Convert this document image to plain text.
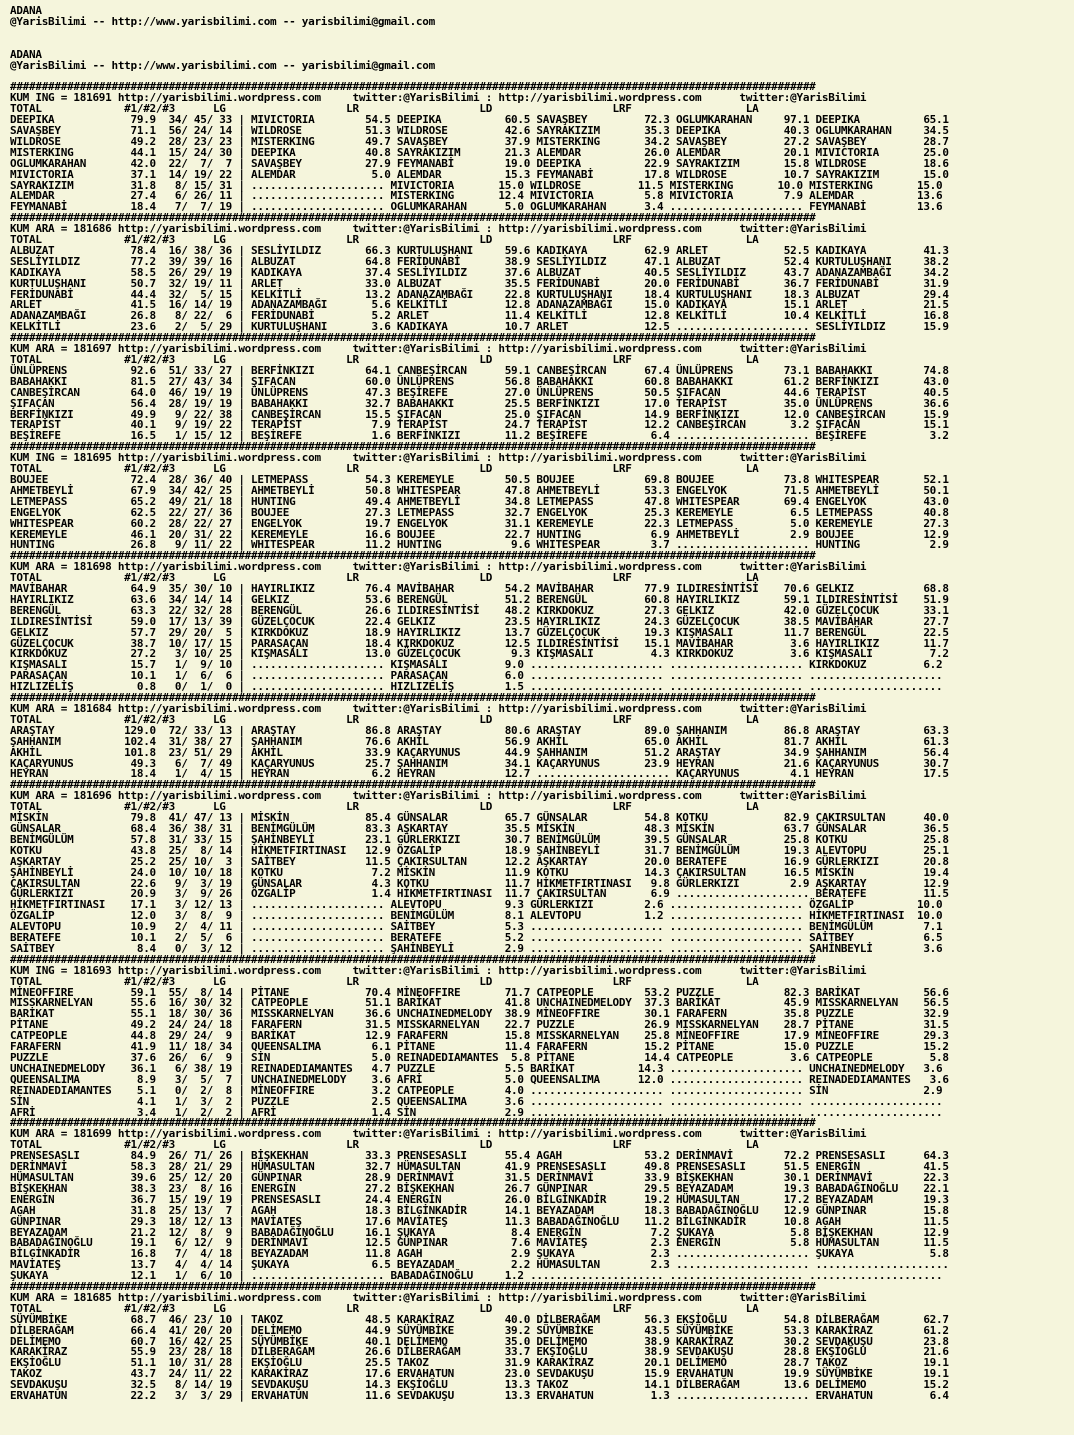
ADANA
@YarisBilimi -- http://www.yarisbilimi.com -- yarisbilimi@gmail.com

ADANA
@YarisBilimi -- http://www.yarisbilimi.com -- yarisbilimi@gmail.com

###############################################################################################################################
KUM ING = 181691 http://yarisbilimi.wordpress.com     twitter:@YarisBilimi : http://yarisbilimi.wordpress.com      twitter:@YarisBilimi
TOTAL             #1/#2/#3      LG                   LR                   LD                   LRF                  LA
DEEPIKA            79.9  34/ 45/ 33 | MIVICTORIA        54.5 DEEPIKA          60.5 SAVAŞBEY         72.3 OGLUMKARAHAN     97.1 DEEPIKA          65.1
SAVAŞBEY           71.1  56/ 24/ 14 | WILDROSE          51.3 WILDROSE         42.6 SAYRAKIZIM       35.3 DEEPIKA          40.3 OGLUMKARAHAN     34.5
WILDROSE           49.2  28/ 23/ 23 | MISTERKING        49.7 SAVAŞBEY         37.9 MISTERKING       34.2 SAVAŞBEY         27.2 SAVAŞBEY         28.7
MISTERKING         44.1  15/ 24/ 30 | DEEPIKA           40.8 SAYRAKIZIM       21.3 ALEMDAR          26.0 ALEMDAR          20.1 MIVICTORIA       25.0
OGLUMKARAHAN       42.0  22/  7/  7 | SAVAŞBEY          27.9 FEYMANABİ        19.0 DEEPIKA          22.9 SAYRAKIZIM       15.8 WILDROSE         18.6
MIVICTORIA         37.1  14/ 19/ 22 | ALEMDAR            5.0 ALEMDAR          15.3 FEYMANABİ        17.8 WILDROSE         10.7 SAYRAKIZIM       15.0
SAYRAKIZIM         31.8   8/ 15/ 31 | ..................... MIVICTORIA       15.0 WILDROSE         11.5 MISTERKING       10.0 MISTERKING       15.0
ALEMDAR            27.4   6/ 26/ 11 | ..................... MISTERKING       12.4 MIVICTORIA        5.8 MIVICTORIA        7.9 ALEMDAR          13.6
FEYMANABİ          18.4   7/  7/ 19 | ..................... OGLUMKARAHAN      5.0 OGLUMKARAHAN      3.4 ..................... FEYMANABİ        13.6
###############################################################################################################################
KUM ARA = 181686 http://yarisbilimi.wordpress.com     twitter:@YarisBilimi : http://yarisbilimi.wordpress.com      twitter:@YarisBilimi
TOTAL             #1/#2/#3      LG                   LR                   LD                   LRF                  LA
ALBUZAT            78.4  16/ 38/ 36 | SESLİYILDIZ       66.3 KURTULUŞHANI     59.6 KADIKAYA         62.9 ARLET            52.5 KADIKAYA         41.3
SESLİYILDIZ        77.2  39/ 39/ 16 | ALBUZAT           64.8 FERİDUNABİ       38.9 SESLİYILDIZ      47.1 ALBUZAT          52.4 KURTULUŞHANI     38.2
KADIKAYA           58.5  26/ 29/ 19 | KADIKAYA          37.4 SESLİYILDIZ      37.6 ALBUZAT          40.5 SESLİYILDIZ      43.7 ADANAZAMBAĞI     34.2
KURTULUŞHANI       50.7  32/ 19/ 11 | ARLET             33.0 ALBUZAT          35.5 FERİDUNABİ       20.0 FERİDUNABİ       36.7 FERİDUNABİ       31.9
FERİDUNABİ         44.4  32/  5/ 15 | KELKİTLİ          13.2 ADANAZAMBAĞI     22.8 KURTULUŞHANI     18.4 KURTULUŞHANI     18.3 ALBUZAT          29.4
ARLET              41.5  16/ 14/ 19 | ADANAZAMBAĞI       5.6 KELKİTLİ         12.8 ADANAZAMBAĞI     15.0 KADIKAYA         15.1 ARLET            21.5
ADANAZAMBAĞI       26.8   8/ 22/  6 | FERİDUNABİ         5.2 ARLET            11.4 KELKİTLİ         12.8 KELKİTLİ         10.4 KELKİTLİ         16.8
KELKİTLİ           23.6   2/  5/ 29 | KURTULUŞHANI       3.6 KADIKAYA         10.7 ARLET            12.5 ..................... SESLİYILDIZ      15.9
###############################################################################################################################
KUM ARA = 181697 http://yarisbilimi.wordpress.com     twitter:@YarisBilimi : http://yarisbilimi.wordpress.com      twitter:@YarisBilimi
TOTAL             #1/#2/#3      LG                   LR                   LD                   LRF                  LA
ÜNLÜPRENS          92.6  51/ 33/ 27 | BERFİNKIZI        64.1 CANBEŞİRCAN      59.1 CANBEŞİRCAN      67.4 ÜNLÜPRENS        73.1 BABAHAKKI        74.8
BABAHAKKI          81.5  27/ 43/ 34 | ŞIFACAN           60.0 ÜNLÜPRENS        56.8 BABAHAKKI        60.8 BABAHAKKI        61.2 BERFİNKIZI       43.0
CANBEŞİRCAN        64.0  46/ 19/ 19 | ÜNLÜPRENS         47.3 BEŞİREFE         27.0 ÜNLÜPRENS        50.5 ŞIFACAN          44.6 TERAPİST         40.5
ŞIFACAN            56.4  28/ 19/ 19 | BABAHAKKI         32.7 BABAHAKKI        25.5 BERFİNKIZI       17.0 TERAPİST         35.0 ÜNLÜPRENS        36.6
BERFİNKIZI         49.9   9/ 22/ 38 | CANBEŞİRCAN       15.5 ŞIFACAN          25.0 ŞIFACAN          14.9 BERFİNKIZI       12.0 CANBEŞİRCAN      15.9
TERAPİST           40.1   9/ 19/ 22 | TERAPİST           7.9 TERAPİST         24.7 TERAPİST         12.2 CANBEŞİRCAN       3.2 ŞIFACAN          15.1
BEŞİREFE           16.5   1/ 15/ 12 | BEŞİREFE           1.6 BERFİNKIZI       11.2 BEŞİREFE          6.4 ..................... BEŞİREFE          3.2
###############################################################################################################################
KUM ING = 181695 http://yarisbilimi.wordpress.com     twitter:@YarisBilimi : http://yarisbilimi.wordpress.com      twitter:@YarisBilimi
TOTAL             #1/#2/#3      LG                   LR                   LD                   LRF                  LA
BOUJEE             72.4  28/ 36/ 40 | LETMEPASS         54.3 KEREMEYLE        50.5 BOUJEE           69.8 BOUJEE           73.8 WHITESPEAR       52.1
AHMETBEYLİ         67.9  34/ 42/ 25 | AHMETBEYLİ        50.8 WHITESPEAR       47.8 AHMETBEYLİ       53.3 ENGELYOK         71.5 AHMETBEYLİ       50.1
LETMEPASS          65.2  49/ 21/ 18 | HUNTING           49.4 AHMETBEYLİ       34.8 LETMEPASS        47.8 WHITESPEAR       69.4 ENGELYOK         43.0
ENGELYOK           62.5  22/ 27/ 36 | BOUJEE            27.3 LETMEPASS        32.7 ENGELYOK         25.3 KEREMEYLE         6.5 LETMEPASS        40.8
WHITESPEAR         60.2  28/ 22/ 27 | ENGELYOK          19.7 ENGELYOK         31.1 KEREMEYLE        22.3 LETMEPASS         5.0 KEREMEYLE        27.3
KEREMEYLE          46.1  20/ 31/ 22 | KEREMEYLE         16.6 BOUJEE           22.7 HUNTING           6.9 AHMETBEYLİ        2.9 BOUJEE           12.9
HUNTING            26.8   9/ 11/ 22 | WHITESPEAR        11.2 HUNTING           9.6 WHITESPEAR        3.7 ..................... HUNTING           2.9
###############################################################################################################################
KUM ARA = 181698 http://yarisbilimi.wordpress.com     twitter:@YarisBilimi : http://yarisbilimi.wordpress.com      twitter:@YarisBilimi
TOTAL             #1/#2/#3      LG                   LR                   LD                   LRF                  LA
MAVİBAHAR          64.9  35/ 30/ 10 | HAYIRLIKIZ        76.4 MAVİBAHAR        54.2 MAVİBAHAR        77.9 ILDIRESİNTİSİ    70.6 GELKIZ           68.8
HAYIRLIKIZ         63.6  34/ 14/ 14 | GELKIZ            53.6 BERENGÜL         51.2 BERENGÜL         60.8 HAYIRLIKIZ       59.1 ILDIRESİNTİSİ    51.9
BERENGÜL           63.3  22/ 32/ 28 | BERENGÜL          26.6 ILDIRESİNTİSİ    48.2 KIRKDOKUZ        27.3 GELKIZ           42.0 GÜZELÇOCUK       33.1
ILDIRESİNTİSİ      59.0  17/ 13/ 39 | GÜZELÇOCUK        22.4 GELKIZ           23.5 HAYIRLIKIZ       24.3 GÜZELÇOCUK       38.5 MAVİBAHAR        27.7
GELKIZ             57.7  29/ 20/  5 | KIRKDOKUZ         18.9 HAYIRLIKIZ       13.7 GÜZELÇOCUK       19.3 KIŞMASALI        11.7 BERENGÜL         22.5
GÜZELÇOCUK         38.7  10/ 17/ 15 | PARASAÇAN         18.4 KIRKDOKUZ        12.5 ILDIRESİNTİSİ    15.1 MAVİBAHAR         3.6 HAYIRLIKIZ       11.7
KIRKDOKUZ          27.2   3/ 10/ 25 | KIŞMASALI         13.0 GÜZELÇOCUK        9.3 KIŞMASALI         4.3 KIRKDOKUZ         3.6 KIŞMASALI         7.2
KIŞMASALI          15.7   1/  9/ 10 | ..................... KIŞMASALI         9.0 ..................... ..................... KIRKDOKUZ         6.2
PARASAÇAN          10.1   1/  6/  6 | ..................... PARASAÇAN         6.0 ..................... ..................... .....................
HIZLIZELİŞ          0.8   0/  1/  0 | ..................... HIZLIZELİŞ        1.5 ..................... ..................... .....................
###############################################################################################################################
KUM ARA = 181684 http://yarisbilimi.wordpress.com     twitter:@YarisBilimi : http://yarisbilimi.wordpress.com      twitter:@YarisBilimi
TOTAL             #1/#2/#3      LG                   LR                   LD                   LRF                  LA
ARAŞTAY           129.0  72/ 33/ 13 | ARAŞTAY           86.8 ARAŞTAY          80.6 ARAŞTAY          89.0 ŞAHHANIM         86.8 ARAŞTAY          63.3
ŞAHHANIM          102.4  31/ 38/ 27 | ŞAHHANIM          76.6 AKHİL            56.9 AKHİL            65.0 AKHİL            81.7 AKHİL            61.3
AKHİL             101.8  23/ 51/ 29 | AKHİL             33.9 KAÇARYUNUS       44.9 ŞAHHANIM         51.2 ARAŞTAY          34.9 ŞAHHANIM         56.4
KAÇARYUNUS         49.3   6/  7/ 49 | KAÇARYUNUS        25.7 ŞAHHANIM         34.1 KAÇARYUNUS       23.9 HEYRAN           21.6 KAÇARYUNUS       30.7
HEYRAN             18.4   1/  4/ 15 | HEYRAN             6.2 HEYRAN           12.7 ..................... KAÇARYUNUS        4.1 HEYRAN           17.5
###############################################################################################################################
KUM ARA = 181696 http://yarisbilimi.wordpress.com     twitter:@YarisBilimi : http://yarisbilimi.wordpress.com      twitter:@YarisBilimi
TOTAL             #1/#2/#3      LG                   LR                   LD                   LRF                  LA
MİSKİN             79.8  41/ 47/ 13 | MİSKİN            85.4 GÜNSALAR         65.7 GÜNSALAR         54.8 KOTKU            82.9 ÇAKIRSULTAN      40.0
GÜNSALAR           68.4  36/ 38/ 31 | BENİMGÜLÜM        83.3 AŞKARTAY         35.5 MİSKİN           48.3 MİSKİN           63.7 GÜNSALAR         36.5
BENİMGÜLÜM         57.8  31/ 33/ 15 | ŞAHİNBEYLİ        23.1 GÜRLERKIZI       30.7 BENİMGÜLÜM       39.5 GÜNSALAR         25.8 KOTKU            25.8
KOTKU              43.8  25/  8/ 14 | HİKMETFIRTINASI   12.9 ÖZGALİP          18.9 ŞAHİNBEYLİ       31.7 BENİMGÜLÜM       19.3 ALEVTOPU         25.1
AŞKARTAY           25.2  25/ 10/  3 | SAİTBEY           11.5 ÇAKIRSULTAN      12.2 AŞKARTAY         20.0 BERATEFE         16.9 GÜRLERKIZI       20.8
ŞAHİNBEYLİ         24.0  10/ 10/ 18 | KOTKU              7.2 MİSKİN           11.9 KOTKU            14.3 ÇAKIRSULTAN      16.5 MİSKİN           19.4
ÇAKIRSULTAN        22.6   9/  3/ 19 | GÜNSALAR           4.3 KOTKU            11.7 HİKMETFIRTINASI   9.8 GÜRLERKIZI        2.9 AŞKARTAY         12.9
GÜRLERKIZI         20.9   3/  9/ 26 | ÖZGALİP            1.4 HİKMETFIRTINASI  11.7 ÇAKIRSULTAN       6.9 ..................... BERATEFE         11.5
HİKMETFIRTINASI    17.1   3/ 12/ 13 | ..................... ALEVTOPU          9.3 GÜRLERKIZI        2.6 ..................... ÖZGALİP          10.0
ÖZGALİP            12.0   3/  8/  9 | ..................... BENİMGÜLÜM        8.1 ALEVTOPU          1.2 ..................... HİKMETFIRTINASI  10.0
ALEVTOPU           10.9   2/  4/ 11 | ..................... SAİTBEY           5.3 ..................... ..................... BENİMGÜLÜM        7.1
BERATEFE           10.1   2/  5/  6 | ..................... BERATEFE          5.2 ..................... ..................... SAİTBEY           6.5
SAİTBEY             8.4   0/  3/ 12 | ..................... ŞAHİNBEYLİ        2.9 ..................... ..................... ŞAHİNBEYLİ        3.6
###############################################################################################################################
KUM ING = 181693 http://yarisbilimi.wordpress.com     twitter:@YarisBilimi : http://yarisbilimi.wordpress.com      twitter:@YarisBilimi
TOTAL             #1/#2/#3      LG                   LR                   LD                   LRF                  LA
MİNEOFFIRE         59.1  55/  8/ 14 | PİTANE            70.4 MİNEOFFIRE       71.7 CATPEOPLE        53.2 PUZZLE           82.3 BARİKAT          56.6
MISSKARNELYAN      55.6  16/ 30/ 32 | CATPEOPLE         51.1 BARİKAT          41.8 UNCHAINEDMELODY  37.3 BARİKAT          45.9 MISSKARNELYAN    56.5
BARİKAT            55.1  18/ 30/ 36 | MISSKARNELYAN     36.6 UNCHAINEDMELODY  38.9 MİNEOFFIRE       30.1 FARAFERN         35.8 PUZZLE           32.9
PİTANE             49.2  24/ 24/ 18 | FARAFERN          31.5 MISSKARNELYAN    22.7 PUZZLE           26.9 MISSKARNELYAN    28.7 PİTANE           31.5
CATPEOPLE          44.8  29/ 24/  9 | BARİKAT           12.9 FARAFERN         15.8 MISSKARNELYAN    25.8 MİNEOFFIRE       17.9 MİNEOFFIRE       29.3
FARAFERN           41.9  11/ 18/ 34 | QUEENSALIMA        6.1 PİTANE           11.4 FARAFERN         15.2 PİTANE           15.0 PUZZLE           15.2
PUZZLE             37.6  26/  6/  9 | SİN                5.0 REINADEDIAMANTES  5.8 PİTANE           14.4 CATPEOPLE         3.6 CATPEOPLE         5.8
UNCHAINEDMELODY    36.1   6/ 38/ 19 | REINADEDIAMANTES   4.7 PUZZLE           5.5 BARİKAT          14.3 ..................... UNCHAINEDMELODY   3.6
QUEENSALIMA         8.9   3/  5/  7 | UNCHAINEDMELODY    3.6 AFRİ             5.0 QUEENSALIMA      12.0 ..................... REINADEDIAMANTES   3.6
REINADEDIAMANTES    5.1   0/  2/  8 | MİNEOFFIRE         3.2 CATPEOPLE        4.0 ..................... ..................... SİN               2.9
SİN                 4.1   1/  3/  2 | PUZZLE             2.5 QUEENSALIMA      3.6 ..................... ..................... .....................
AFRİ                3.4   1/  2/  2 | AFRİ               1.4 SİN              2.9 ..................... ..................... .....................
###############################################################################################################################
KUM ARA = 181699 http://yarisbilimi.wordpress.com     twitter:@YarisBilimi : http://yarisbilimi.wordpress.com      twitter:@YarisBilimi
TOTAL             #1/#2/#3      LG                   LR                   LD                   LRF                  LA
PRENSESASLI        84.9  26/ 71/ 26 | BİŞKEKHAN         33.3 PRENSESASLI      55.4 AGAH             53.2 DERİNMAVİ        72.2 PRENSESASLI      64.3
DERİNMAVİ          58.3  28/ 21/ 29 | HÜMASULTAN        32.7 HÜMASULTAN       41.9 PRENSESASLI      49.8 PRENSESASLI      51.5 ENERGİN          41.5
HÜMASULTAN         39.6  25/ 12/ 20 | GÜNPINAR          28.9 DERİNMAVİ        31.5 DERİNMAVİ        33.9 BİŞKEKHAN        30.1 DERİNMAVİ        22.3
BİŞKEKHAN          38.3  23/  8/ 16 | ENERGİN           27.2 BİŞKEKHAN        26.7 GÜNPINAR         29.5 BEYAZADAM        19.3 BABADAĞINOĞLU    22.1
ENERGİN            36.7  15/ 19/ 19 | PRENSESASLI       24.4 ENERGİN          26.0 BİLGİNKADİR      19.2 HÜMASULTAN       17.2 BEYAZADAM        19.3
AGAH               31.8  25/ 13/  7 | AGAH              18.3 BİLGİNKADİR      14.1 BEYAZADAM        18.3 BABADAĞINOĞLU    12.9 GÜNPINAR         15.8
GÜNPINAR           29.3  18/ 12/ 13 | MAVİATEŞ          17.6 MAVİATEŞ         11.3 BABADAĞINOĞLU    11.2 BİLGİNKADİR      10.8 AGAH             11.5
BEYAZADAM          21.2  12/  8/  9 | BABADAĞINOĞLU     16.1 ŞUKAYA            8.4 ENERGİN           7.2 ŞUKAYA            5.8 BİŞKEKHAN        12.9
BABADAĞINOĞLU      19.1   6/ 12/  9 | DERİNMAVİ         12.5 GÜNPINAR          7.6 MAVİATEŞ          2.3 ENERGİN           5.8 HÜMASULTAN       11.5
BİLGİNKADİR        16.8   7/  4/ 18 | BEYAZADAM         11.8 AGAH              2.9 ŞUKAYA            2.3 ..................... ŞUKAYA            5.8
MAVİATEŞ           13.7   4/  4/ 14 | ŞUKAYA             6.5 BEYAZADAM         2.2 HÜMASULTAN        2.3 ..................... .....................
ŞUKAYA             12.1   1/  6/ 10 | ..................... BABADAĞINOĞLU     1.2 ..................... ..................... .....................
###############################################################################################################################
KUM ARA = 181685 http://yarisbilimi.wordpress.com     twitter:@YarisBilimi : http://yarisbilimi.wordpress.com      twitter:@YarisBilimi
TOTAL             #1/#2/#3      LG                   LR                   LD                   LRF                  LA
SÜYÜMBİKE          68.7  46/ 23/ 10 | TAKOZ             48.5 KARAKİRAZ        40.0 DİLBERAĞAM       56.3 EKŞİOĞLU         54.8 DİLBERAĞAM       62.7
DİLBERAĞAM         66.4  41/ 20/ 20 | DELİMEMO          44.9 SÜYÜMBİKE        39.2 SÜYÜMBİKE        43.5 SÜYÜMBİKE        53.3 KARAKİRAZ        61.2
DELİMEMO           60.7  16/ 42/ 25 | SÜYÜMBİKE         40.1 DELİMEMO         35.0 DELİMEMO         38.9 KARAKİRAZ        30.2 SEVDAKUŞU        23.8
KARAKİRAZ          55.9  23/ 28/ 18 | DİLBERAĞAM        26.6 DİLBERAĞAM       33.7 EKŞİOĞLU         38.9 SEVDAKUŞU        28.8 EKŞİOĞLU         21.6
EKŞİOĞLU           51.1  10/ 31/ 28 | EKŞİOĞLU          25.5 TAKOZ            31.9 KARAKİRAZ        20.1 DELİMEMO         28.7 TAKOZ            19.1
TAKOZ              43.7  24/ 11/ 22 | KARAKİRAZ         17.6 ERVAHATUN        23.0 SEVDAKUŞU        15.9 ERVAHATUN        19.9 SÜYÜMBİKE        19.1
SEVDAKUŞU          32.5   8/ 14/ 19 | SEVDAKUŞU         14.3 EKŞİOĞLU         13.3 TAKOZ            14.1 DİLBERAĞAM       13.6 DELİMEMO         15.2
ERVAHATUN          22.2   3/  3/ 29 | ERVAHATUN         11.6 SEVDAKUŞU        13.3 ERVAHATUN         1.3 ..................... ERVAHATUN         6.4
